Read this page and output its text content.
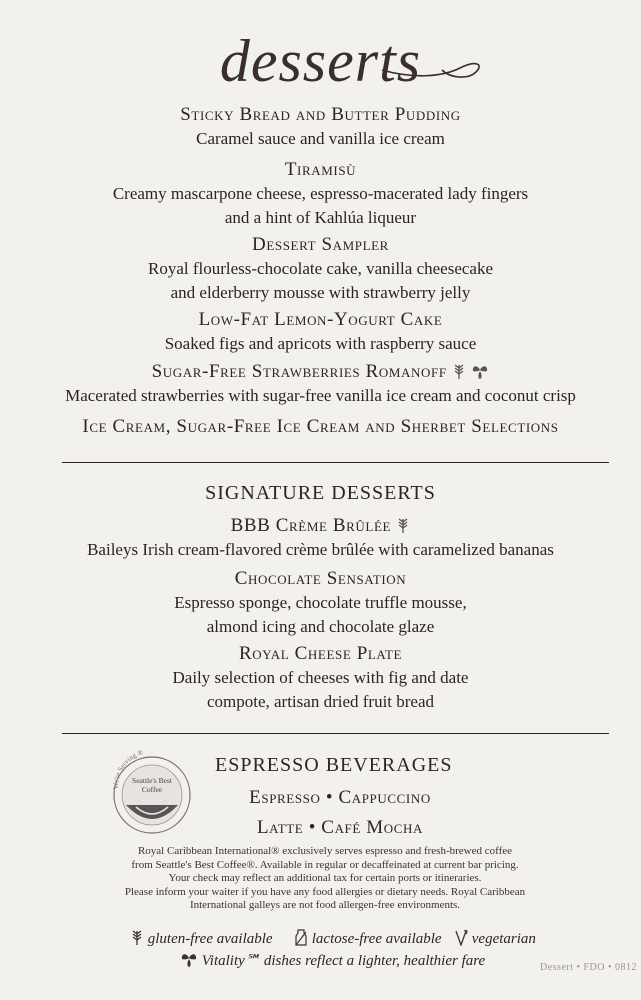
desserts
Sticky Bread and Butter Pudding
Caramel sauce and vanilla ice cream
Tiramisù
Creamy mascarpone cheese, espresso-macerated lady fingers
and a hint of Kahlúa liqueur
Dessert Sampler
Royal flourless-chocolate cake, vanilla cheesecake
and elderberry mousse with strawberry jelly
Low-Fat Lemon-Yogurt Cake
Soaked figs and apricots with raspberry sauce
Sugar-Free Strawberries Romanoff
Macerated strawberries with sugar-free vanilla ice cream and coconut crisp
Ice Cream, Sugar-Free Ice Cream and Sherbet Selections
SIGNATURE DESSERTS
BBB Crème Brûlée
Baileys Irish cream-flavored crème brûlée with caramelized bananas
Chocolate Sensation
Espresso sponge, chocolate truffle mousse,
almond icing and chocolate glaze
Royal Cheese Plate
Daily selection of cheeses with fig and date
compote, artisan dried fruit bread
Seattle's Best
Coffee
We're Serving ®
ESPRESSO BEVERAGES
Espresso • Cappuccino
Latte • Café Mocha
Royal Caribbean International® exclusively serves espresso and fresh-brewed coffee
from Seattle's Best Coffee®. Available in regular or decaffeinated at current bar pricing.
Your check may reflect an additional tax for certain ports or itineraries.
Please inform your waiter if you have any food allergies or dietary needs. Royal Caribbean
International galleys are not food allergen-free environments.
gluten-free available	lactose-free available	vegetarian
Vitality℠ dishes reflect a lighter, healthier fare	Dessert • FDO • 0812
